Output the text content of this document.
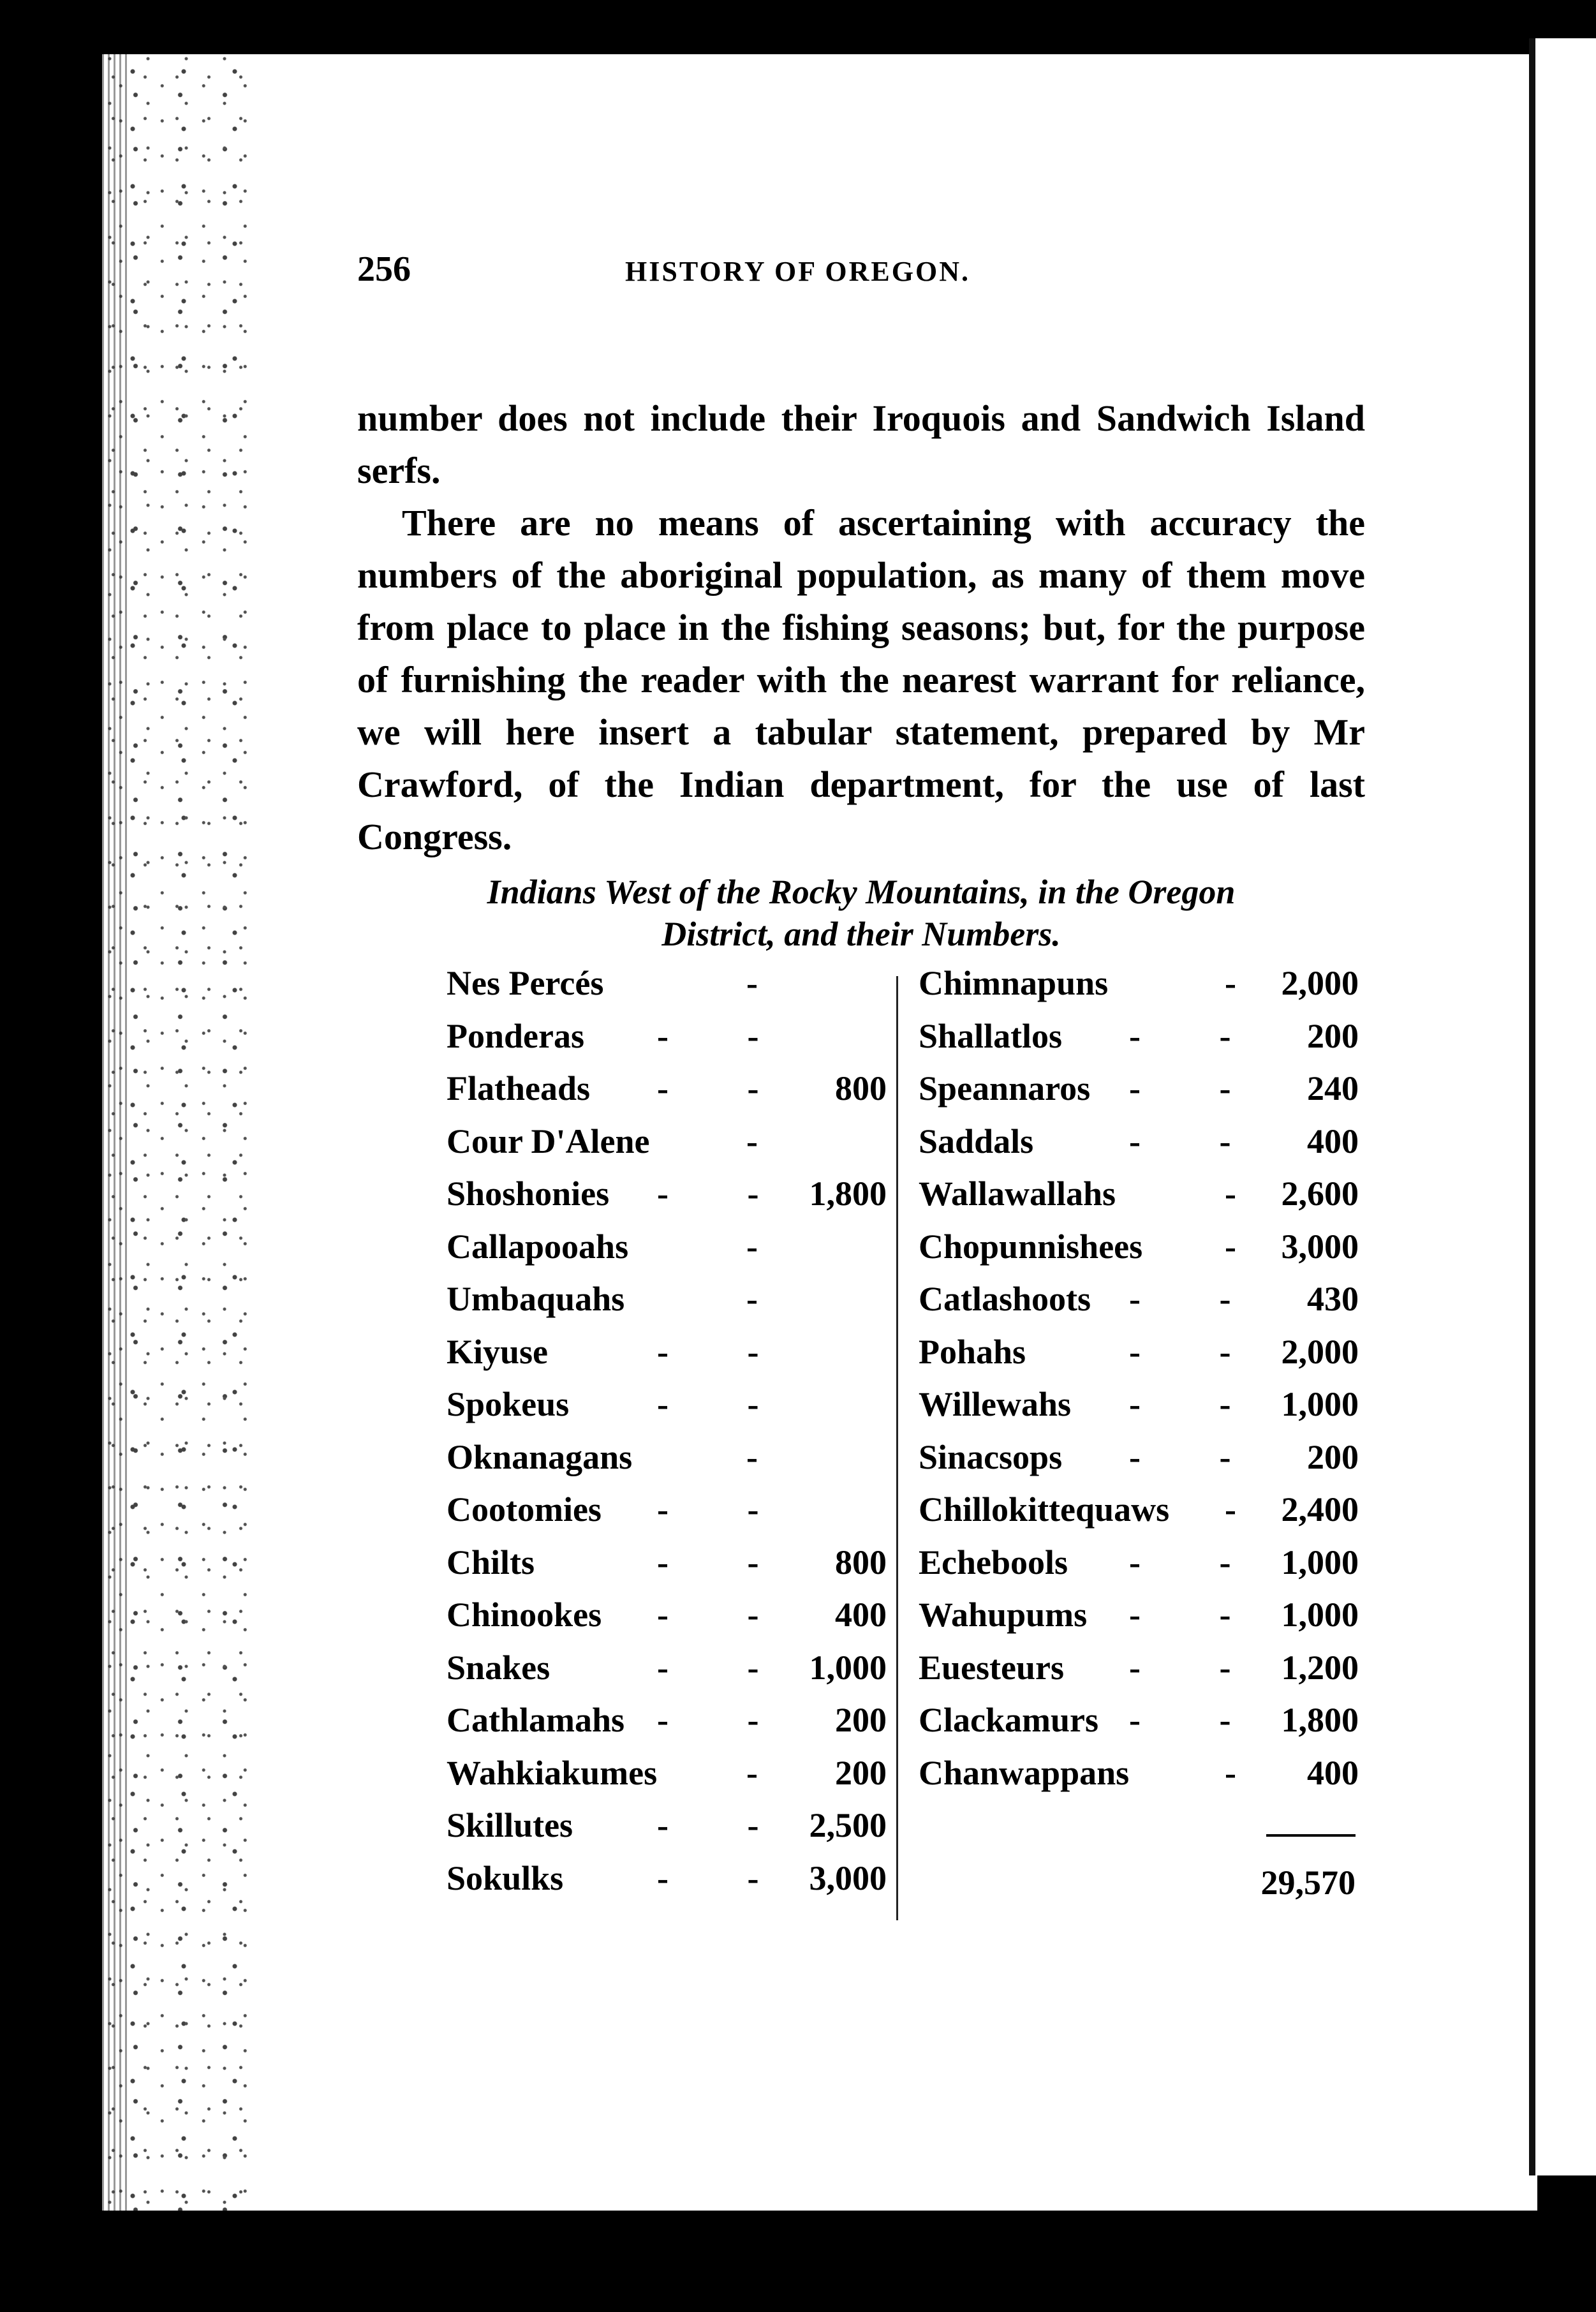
256	HISTORY OF OREGON.

number does not include their Iroquois and Sandwich Island serfs.

There are no means of ascertaining with accuracy the numbers of the aboriginal population, as many of them move from place to place in the fishing seasons; but, for the purpose of furnishing the reader with the nearest warrant for reliance, we will here insert a tabular statement, prepared by Mr Crawford, of the Indian department, for the use of last Congress.

Indians West of the Rocky Mountains, in the Oregon
District, and their Numbers.
Nes Percés	-
Ponderas - -
Flatheads - - 800
Cour D'Alene	-
Shoshonies - - 1,800
Callapooahs	-
Umbaquahs	-
Kiyuse	- -
Spokeus	- -
Oknanagans	-
Cootomies - -
Chilts	- - 800
Chinookes - - 400
Snakes	- - 1,000
Cathlamahs - - 200
Wahkiakumes	- 200
Skillutes - - 2,500
Sokulks	- - 3,000
Chimnapuns	- 2,000
Shallatlos - - 200
Speannaros - - 240
Saddals	- - 400
Wallawallahs	- 2,600
Chopunnishees - 3,000
Catlashoots - - 430
Pohahs	- - 2,000
Willewahs - - 1,000
Sinacsops - - 200
Chillokittequaws - 2,400
Echebools - - 1,000
Wahupums - - 1,000
Euesteurs - - 1,200
Clackamurs - - 1,800
Chanwappans	- 400
29,570
